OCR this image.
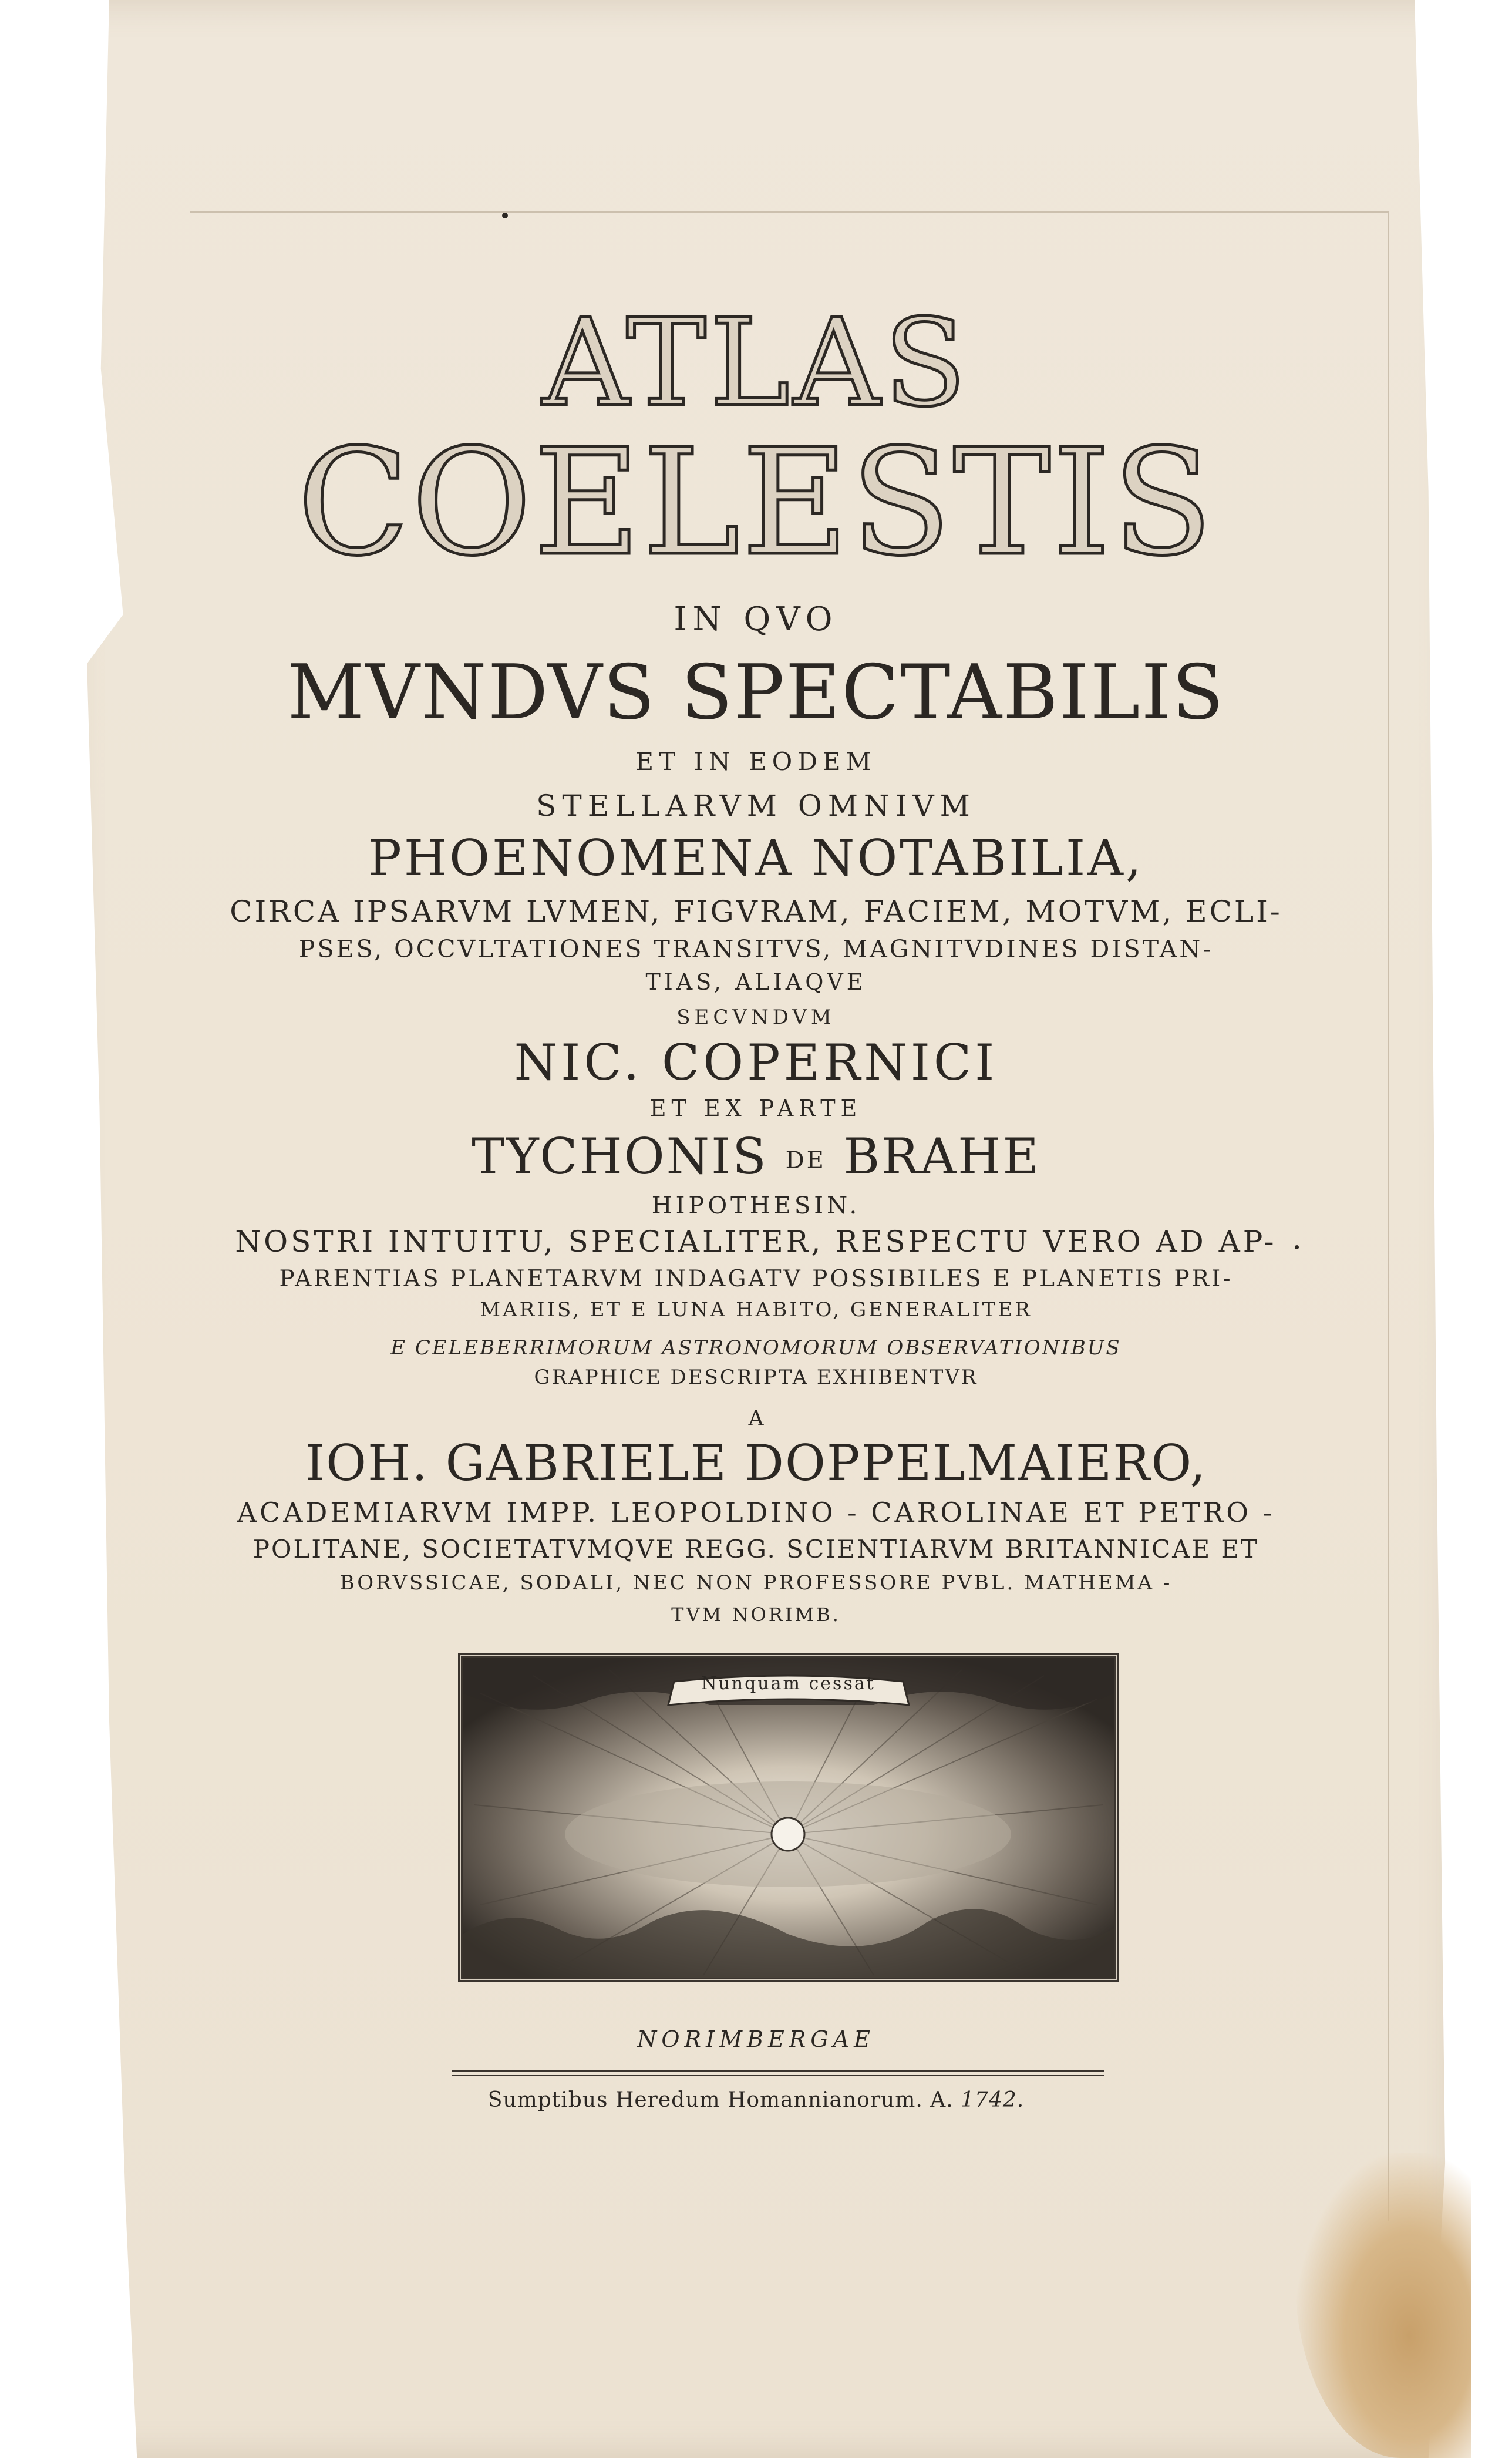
ATLAS
COELESTIS
IN QVO
MVNDVS SPECTABILIS
ET IN EODEM
STELLARVM OMNIVM
PHOENOMENA NOTABILIA,
CIRCA IPSARVM LVMEN, FIGVRAM, FACIEM, MOTVM, ECLI-
PSES, OCCVLTATIONES TRANSITVS, MAGNITVDINES DISTAN-
TIAS, ALIAQVE
SECVNDVM
NIC. COPERNICI
ET EX PARTE
TYCHONIS DE BRAHE
HIPOTHESIN.
NOSTRI INTUITU, SPECIALITER, RESPECTU VERO AD AP-
PARENTIAS PLANETARVM INDAGATV POSSIBILES E PLANETIS PRI-
MARIIS, ET E LUNA HABITO, GENERALITER
E CELEBERRIMORUM ASTRONOMORUM OBSERVATIONIBUS
GRAPHICE DESCRIPTA EXHIBENTVR
A
IOH. GABRIELE DOPPELMAIERO,
ACADEMIARVM IMPP. LEOPOLDINO - CAROLINAE ET PETRO -
POLITANE, SOCIETATVMQVE REGG. SCIENTIARVM BRITANNICAE ET
BORVSSICAE, SODALI, NEC NON PROFESSORE PVBL. MATHEMA -
TVM NORIMB.
Nunquam cessat
NORIMBERGAE
Sumptibus Heredum Homannianorum. A. 1742.
